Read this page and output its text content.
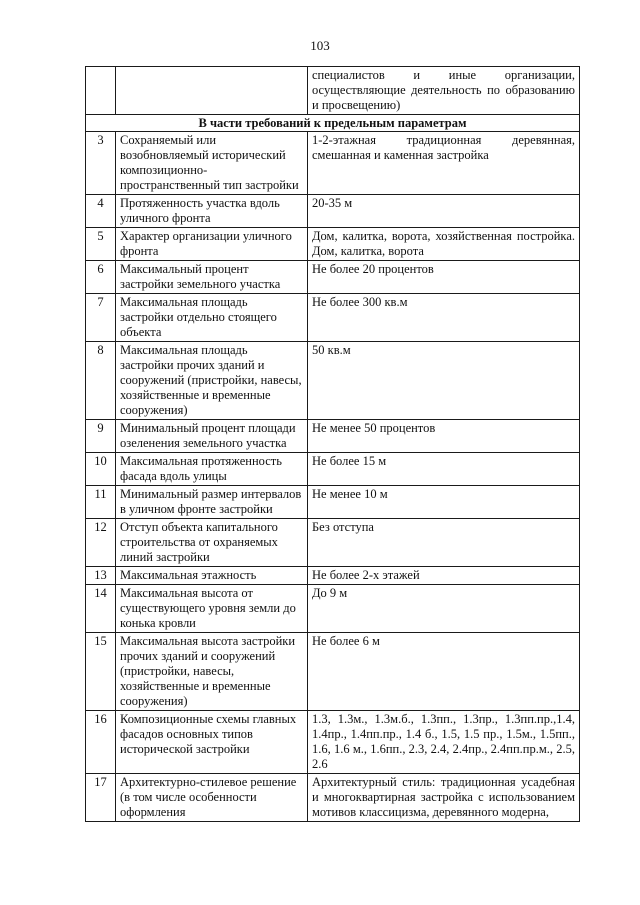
103
		специалистов и иные организации, осуществляющие деятельность по образованию и просвещению)
В части требований к предельным параметрам		
3	Сохраняемый или возобновляемый исторический композиционно-пространственный тип застройки	1-2-этажная традиционная деревянная, смешанная и каменная застройка
4	Протяженность участка вдоль уличного фронта	20-35 м
5	Характер организации уличного фронта	Дом, калитка, ворота, хозяйственная постройка. Дом, калитка, ворота
6	Максимальный процент застройки земельного участка	Не более 20 процентов
7	Максимальная площадь застройки отдельно стоящего объекта	Не более 300 кв.м
8	Максимальная площадь застройки прочих зданий и сооружений (пристройки, навесы, хозяйственные и временные сооружения)	50 кв.м
9	Минимальный процент площади озеленения земельного участка	Не менее 50 процентов
10	Максимальная протяженность фасада вдоль улицы	Не более 15 м
11	Минимальный размер интервалов в уличном фронте застройки	Не менее 10 м
12	Отступ объекта капитального строительства от охраняемых линий застройки	Без отступа
13	Максимальная этажность	Не более 2-х этажей
14	Максимальная высота от существующего уровня земли до конька кровли	До 9 м
15	Максимальная высота застройки прочих зданий и сооружений (пристройки, навесы, хозяйственные и временные сооружения)	Не более 6 м
16	Композиционные схемы главных фасадов основных типов исторической застройки	1.3, 1.3м., 1.3м.б., 1.3пп., 1.3пр., 1.3пп.пр.,1.4, 1.4пр., 1.4пп.пр., 1.4 б., 1.5, 1.5 пр., 1.5м., 1.5пп., 1.6, 1.6 м., 1.6пп., 2.3, 2.4, 2.4пр., 2.4пп.пр.м., 2.5, 2.6
17	Архитектурно-стилевое решение (в том числе особенности оформления	Архитектурный стиль: традиционная усадебная и многоквартирная застройка с использованием мотивов классицизма, деревянного модерна,
